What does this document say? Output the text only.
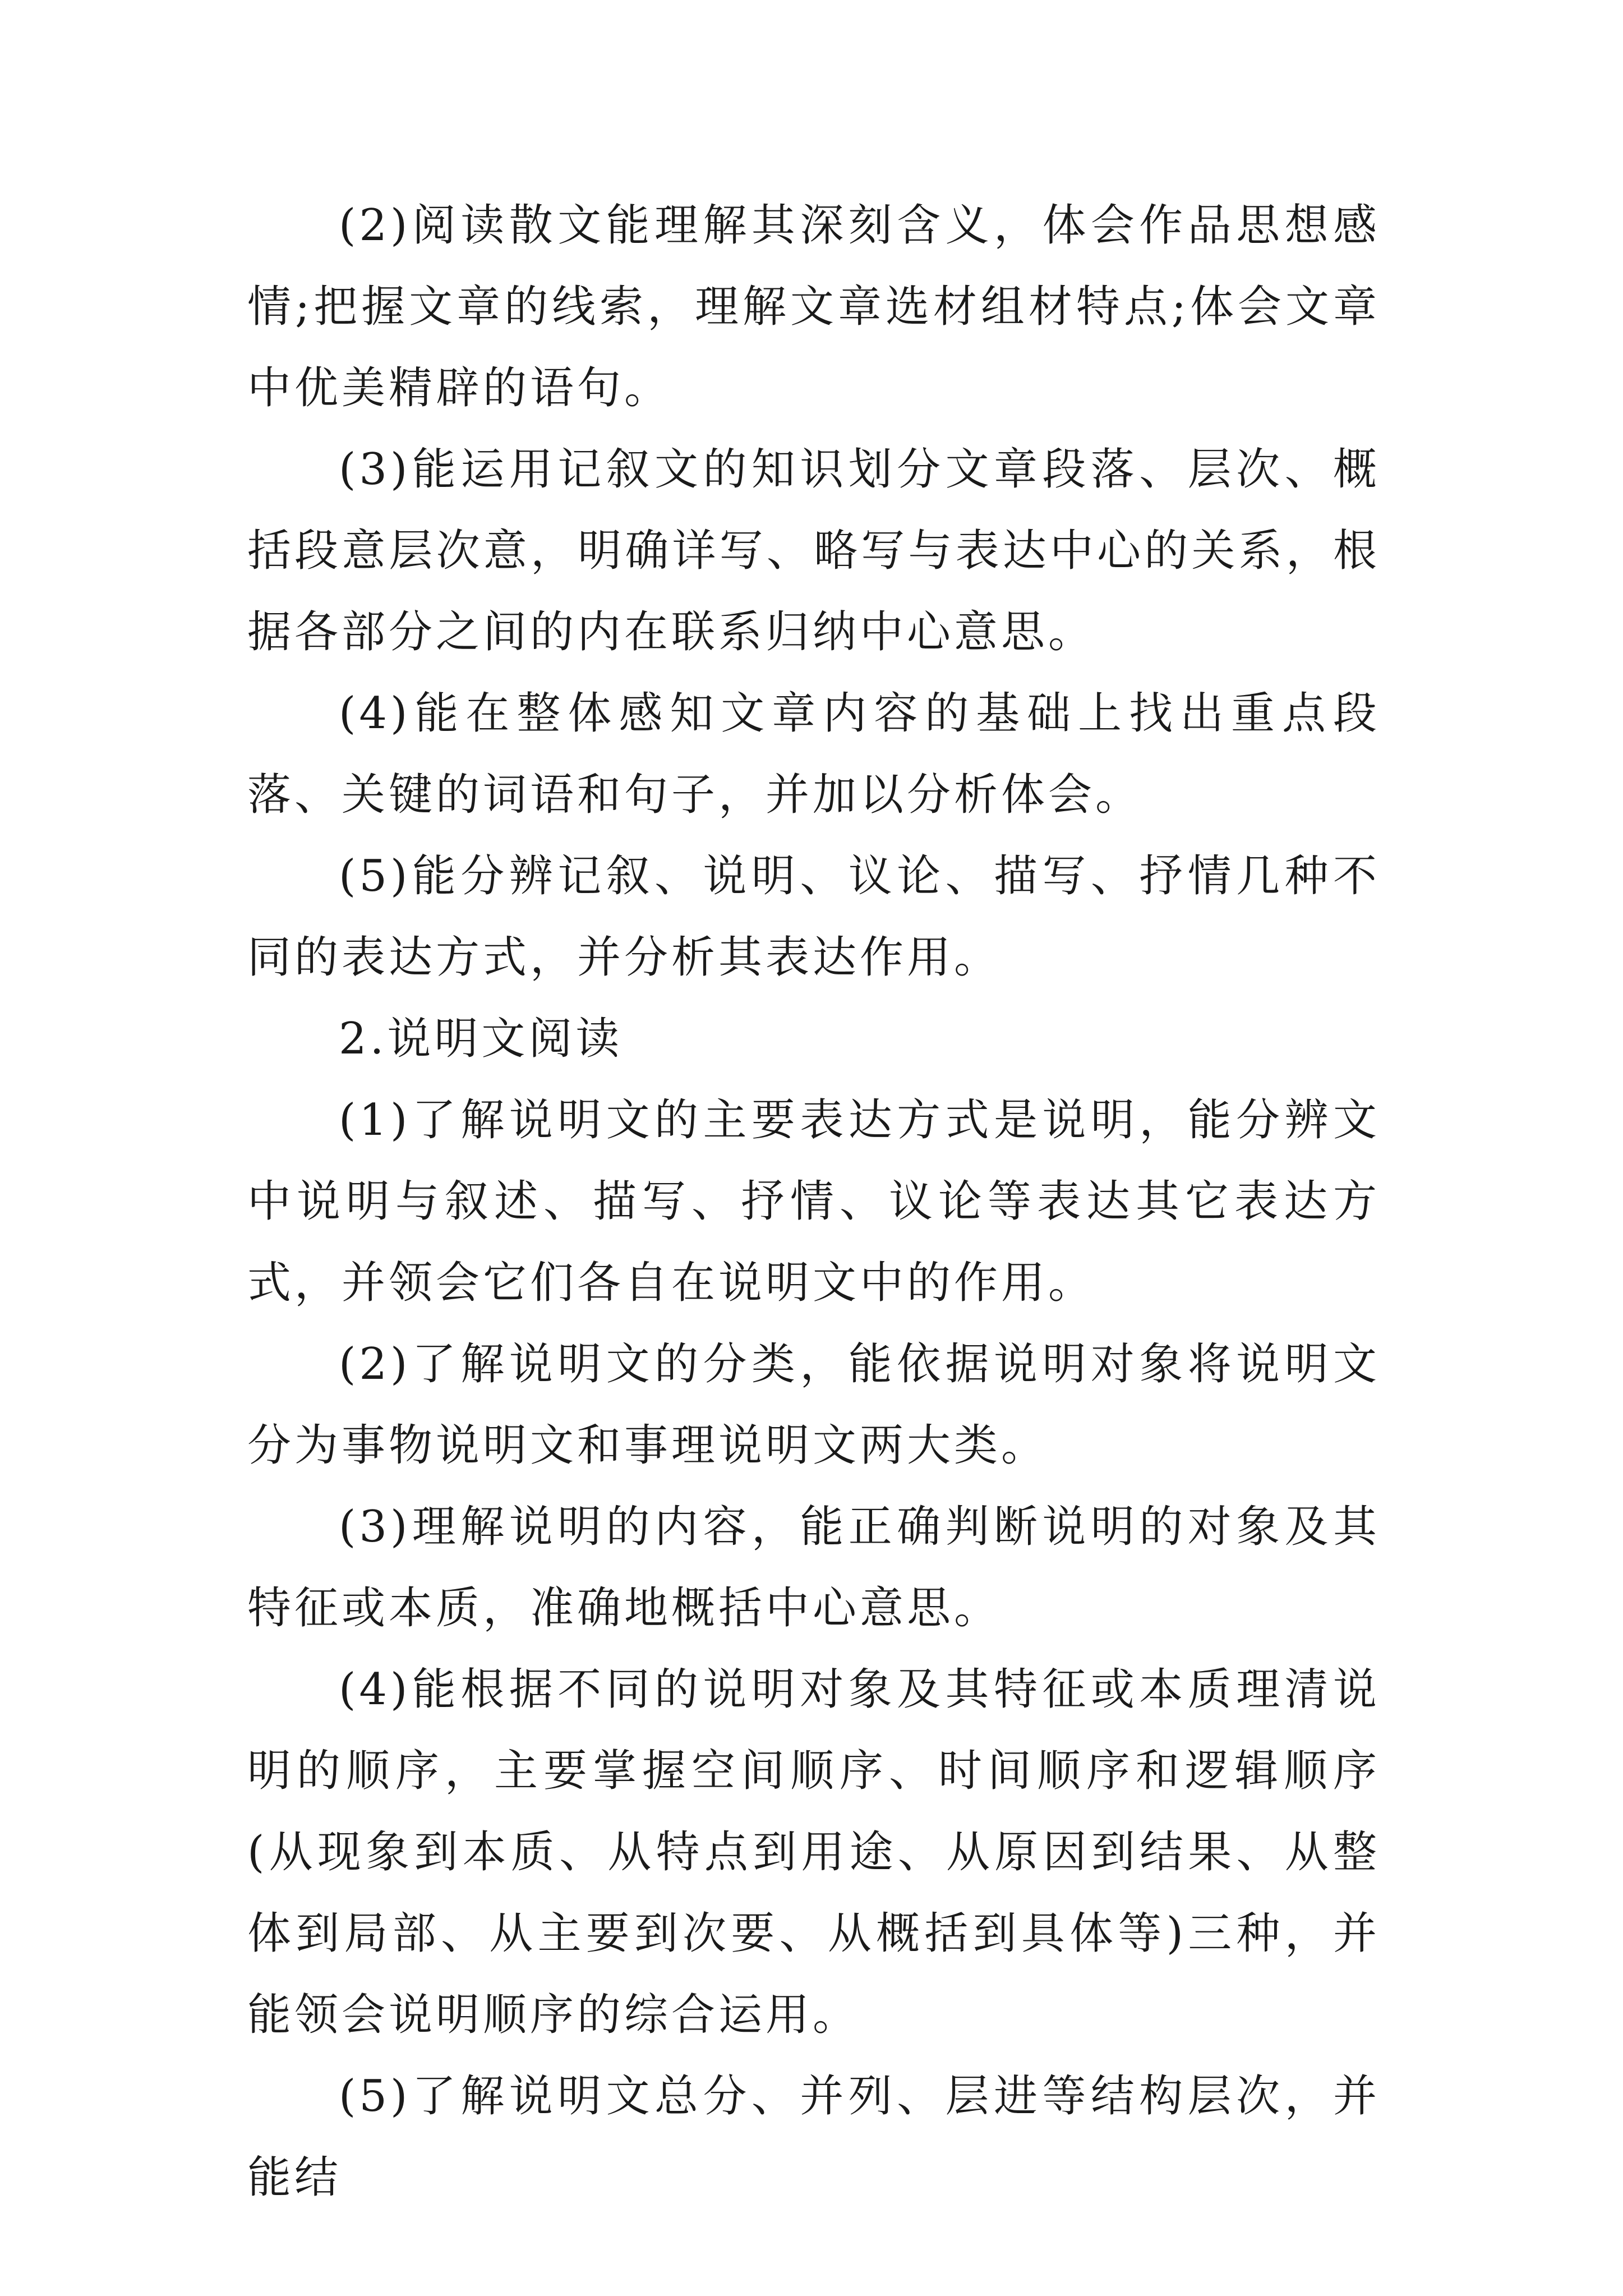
(2)阅读散文能理解其深刻含义，体会作品思想感情;把握文章的线索，理解文章选材组材特点;体会文章中优美精辟的语句。

(3)能运用记叙文的知识划分文章段落、层次、概括段意层次意，明确详写、略写与表达中心的关系，根据各部分之间的内在联系归纳中心意思。

(4)能在整体感知文章内容的基础上找出重点段落、关键的词语和句子，并加以分析体会。

(5)能分辨记叙、说明、议论、描写、抒情几种不同的表达方式，并分析其表达作用。

2.说明文阅读

(1)了解说明文的主要表达方式是说明，能分辨文中说明与叙述、描写、抒情、议论等表达其它表达方式，并领会它们各自在说明文中的作用。

(2)了解说明文的分类，能依据说明对象将说明文分为事物说明文和事理说明文两大类。

(3)理解说明的内容，能正确判断说明的对象及其特征或本质，准确地概括中心意思。

(4)能根据不同的说明对象及其特征或本质理清说明的顺序，主要掌握空间顺序、时间顺序和逻辑顺序(从现象到本质、从特点到用途、从原因到结果、从整体到局部、从主要到次要、从概括到具体等)三种，并能领会说明顺序的综合运用。

(5)了解说明文总分、并列、层进等结构层次，并能结
